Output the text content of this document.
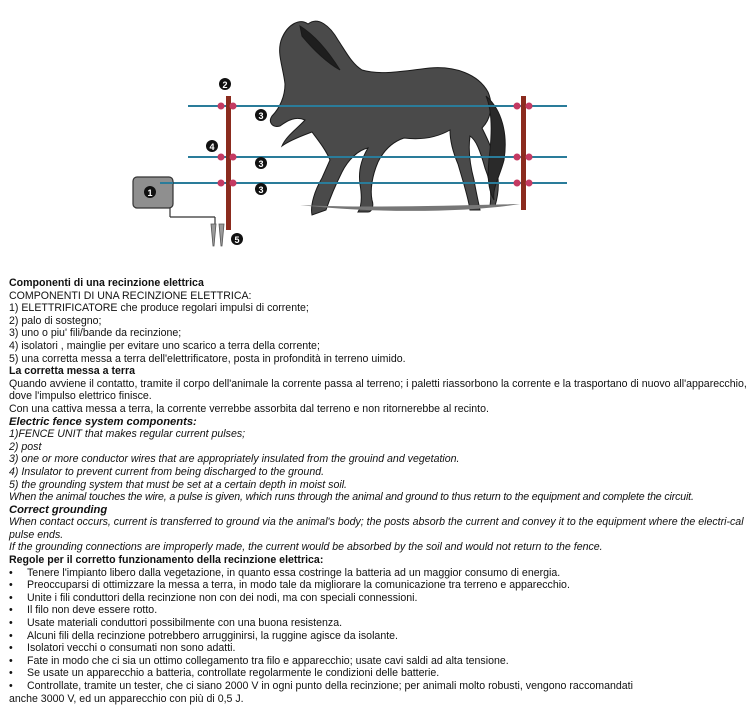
2
3
4
3
3
1
5
Componenti di una recinzione elettrica
COMPONENTI DI UNA RECINZIONE ELETTRICA:
1) ELETTRIFICATORE che produce regolari impulsi di corrente;
2) palo di sostegno;
3) uno o piu' fili/bande da recinzione;
4) isolatori , mainglie per evitare uno scarico a terra della corrente;
5) una corretta messa a terra dell'elettrificatore, posta in profondità in terreno uimido.
La corretta messa a terra
Quando avviene il contatto, tramite il corpo dell'animale la corrente passa al terreno; i paletti riassorbono la corrente e la trasportano di nuovo all'apparecchio, dove l'impulso elettrico finisce.
Con una cattiva messa a terra, la corrente verrebbe assorbita dal terreno e non ritornerebbe al recinto.
Electric fence system components:
1)FENCE UNIT that makes regular current pulses;
2) post
3) one or more conductor wires that are appropriately insulated from the grouind and vegetation.
4) Insulator to prevent current from being discharged to the ground.
5) the grounding system that must be set at a certain depth in moist soil.
When the animal touches the wire, a pulse is given, which runs through the animal and ground to thus return to the equipment and complete the circuit.
Correct grounding
When contact occurs, current is transferred to ground via the animal's body; the posts absorb the current and convey it to the equipment where the electri-cal pulse ends.
If the grounding connections are improperly made, the current would be absorbed by the soil and would not return to the fence.
Regole per il corretto funzionamento della recinzione elettrica:
•	Tenere l'impianto libero dalla vegetazione, in quanto essa costringe la batteria ad un maggior consumo di energia.
•	Preoccuparsi di ottimizzare la messa a terra, in modo tale da migliorare la comunicazione tra terreno e apparecchio.
•	Unite i fili conduttori della recinzione non con dei nodi, ma con speciali connessioni.
•	Il filo non deve essere rotto.
•	Usate materiali conduttori possibilmente con una buona resistenza.
•	Alcuni fili della recinzione potrebbero arrugginirsi, la ruggine agisce da isolante.
•	Isolatori vecchi o consumati non sono adatti.
•	Fate in modo che ci sia un ottimo collegamento tra filo e apparecchio; usate cavi saldi ad alta tensione.
•	Se usate un apparecchio a batteria, controllate regolarmente le condizioni delle batterie.
•	Controllate, tramite un tester, che ci siano 2000 V in ogni punto della recinzione; per animali molto robusti, vengono raccomandati
anche 3000 V, ed un apparecchio con più di 0,5 J.
